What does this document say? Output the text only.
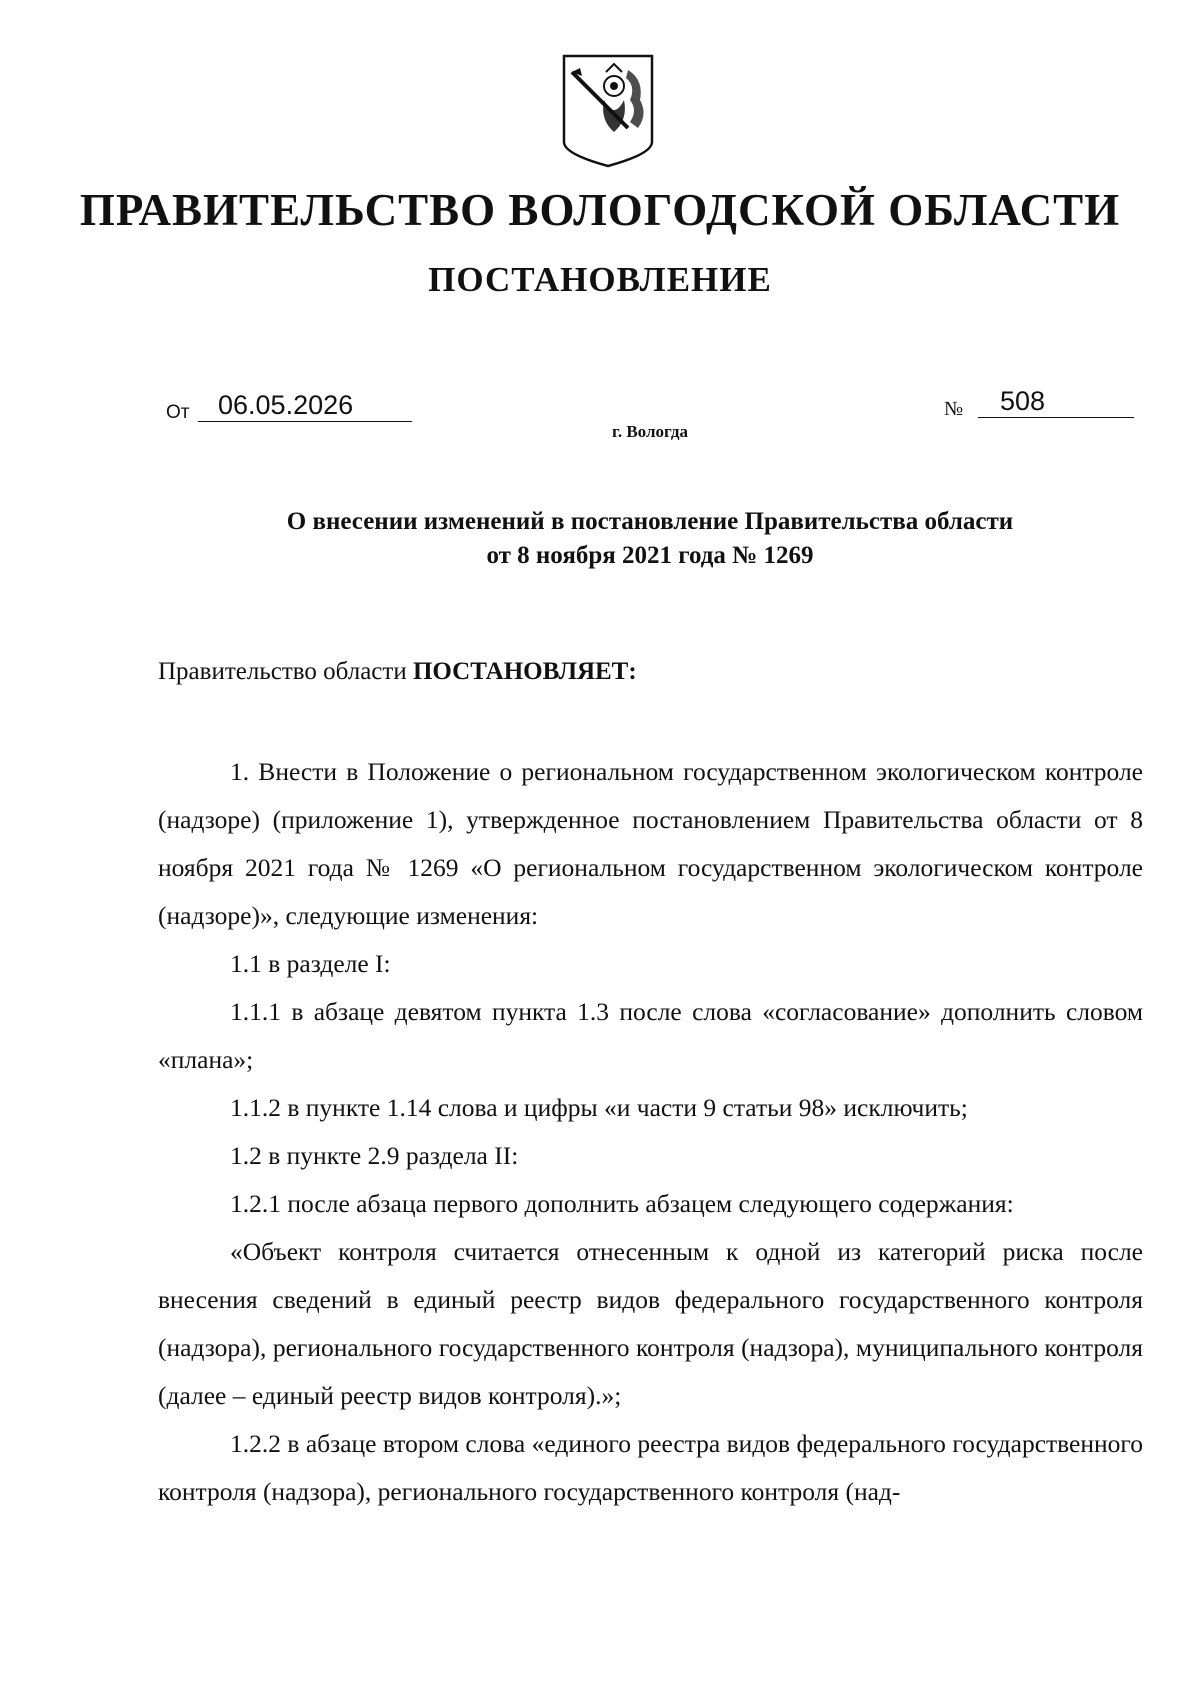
ПРАВИТЕЛЬСТВО ВОЛОГОДСКОЙ ОБЛАСТИ
ПОСТАНОВЛЕНИЕ
От	06.05.2026	№	508
г. Вологда
О внесении изменений в постановление Правительства области
от 8 ноября 2021 года № 1269
Правительство области ПОСТАНОВЛЯЕТ:

1. Внести в Положение о региональном государственном экологическом контроле (надзоре) (приложение 1), утвержденное постановлением Правительства области от 8 ноября 2021 года № 1269 «О региональном государственном экологическом контроле (надзоре)», следующие изменения:

1.1 в разделе I:

1.1.1 в абзаце девятом пункта 1.3 после слова «согласование» дополнить словом «плана»;

1.1.2 в пункте 1.14 слова и цифры «и части 9 статьи 98» исключить;

1.2 в пункте 2.9 раздела II:

1.2.1 после абзаца первого дополнить абзацем следующего содержания:

«Объект контроля считается отнесенным к одной из категорий риска после внесения сведений в единый реестр видов федерального государственного контроля (надзора), регионального государственного контроля (надзора), муниципального контроля (далее – единый реестр видов контроля).»;

1.2.2 в абзаце втором слова «единого реестра видов федерального государственного контроля (надзора), регионального государственного контроля (над-
